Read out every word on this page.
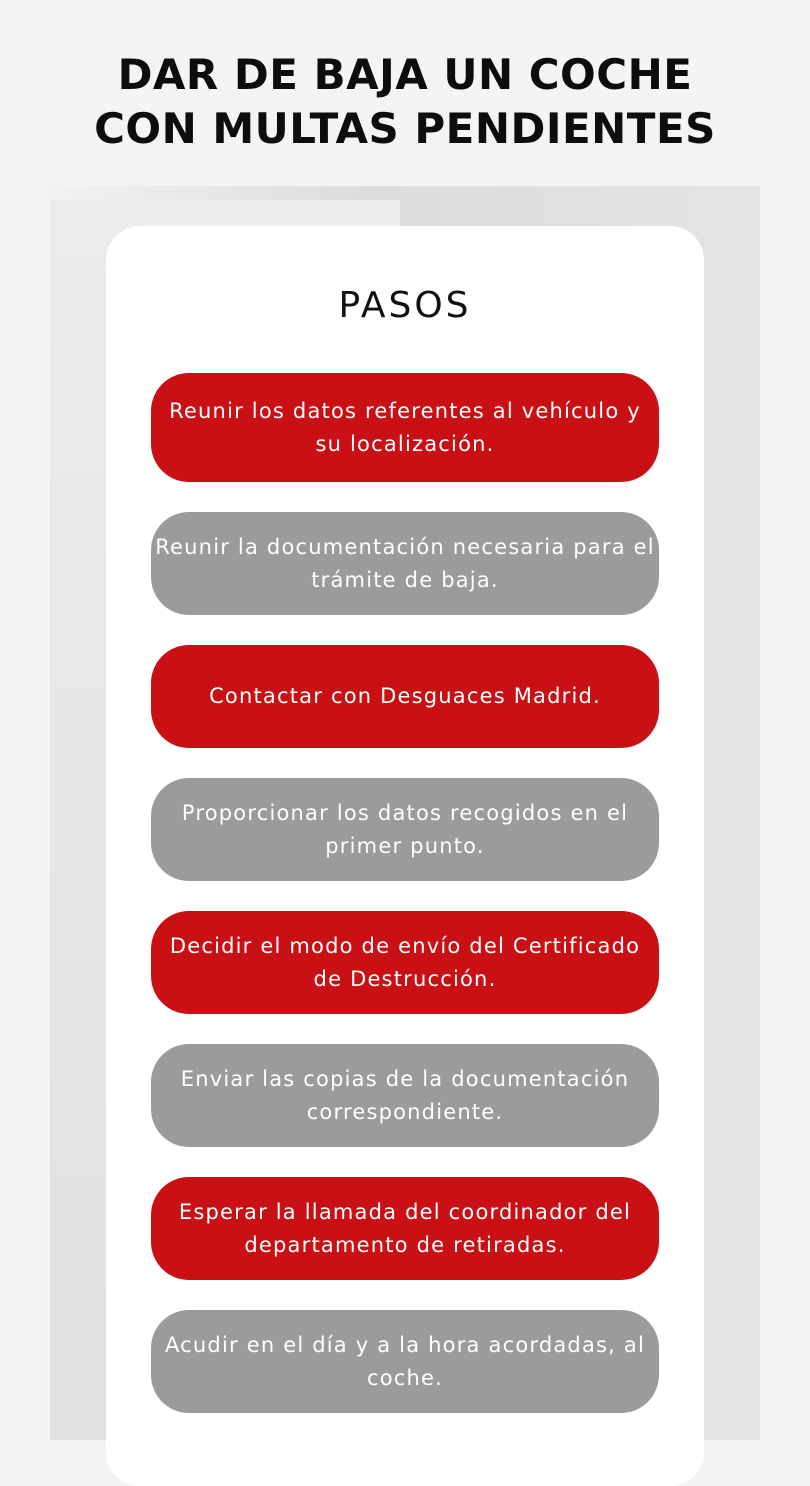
DAR DE BAJA UN COCHE
CON MULTAS PENDIENTES
PASOS
Reunir los datos referentes al vehículo y su localización.
Reunir la documentación necesaria para el trámite de baja.
Contactar con Desguaces Madrid.
Proporcionar los datos recogidos en el primer punto.
Decidir el modo de envío del Certificado de Destrucción.
Enviar las copias de la documentación correspondiente.
Esperar la llamada del coordinador del departamento de retiradas.
Acudir en el día y a la hora acordadas, al coche.
